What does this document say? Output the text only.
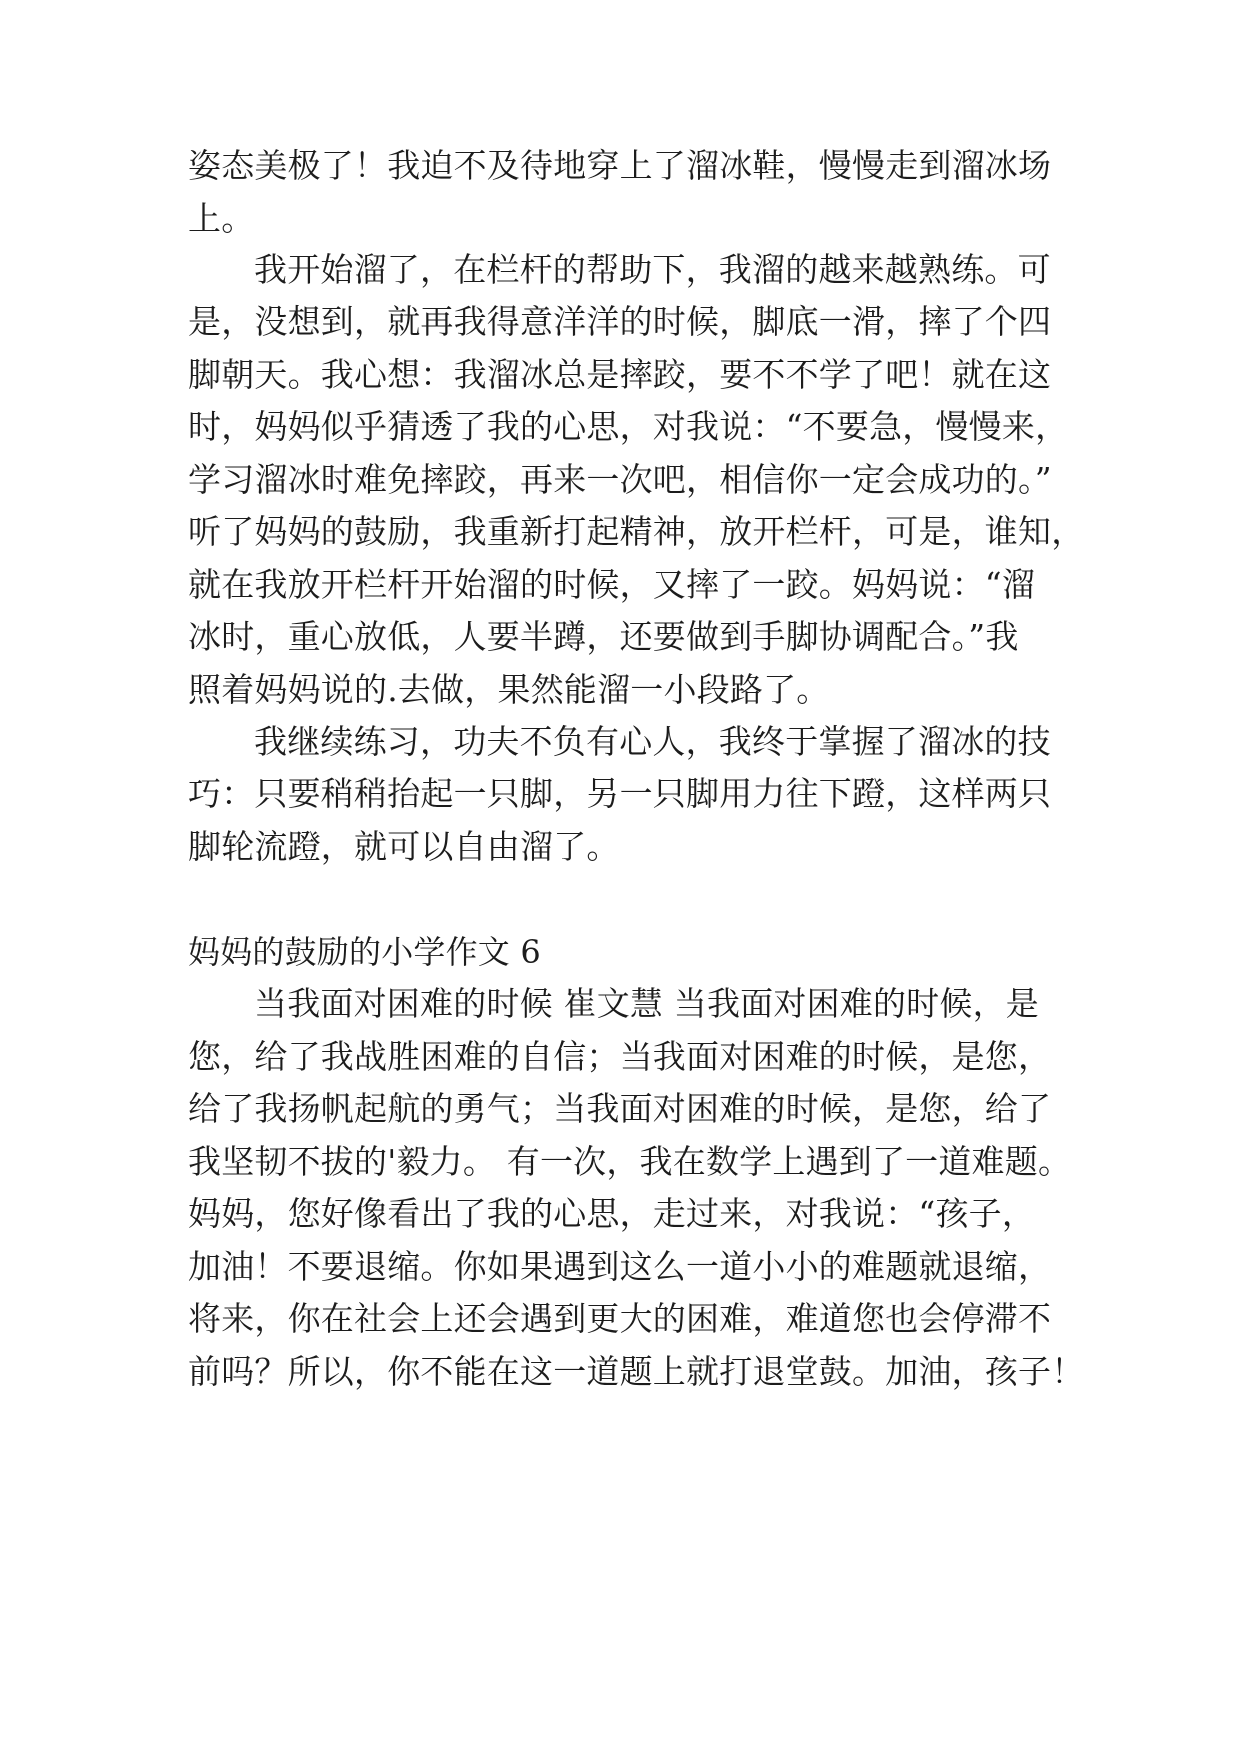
姿态美极了！我迫不及待地穿上了溜冰鞋，慢慢走到溜冰场
上。
我开始溜了，在栏杆的帮助下，我溜的越来越熟练。可
是，没想到，就再我得意洋洋的时候，脚底一滑，摔了个四
脚朝天。我心想：我溜冰总是摔跤，要不不学了吧！就在这
时，妈妈似乎猜透了我的心思，对我说：“不要急，慢慢来，
学习溜冰时难免摔跤，再来一次吧，相信你一定会成功的。”
听了妈妈的鼓励，我重新打起精神，放开栏杆，可是，谁知，
就在我放开栏杆开始溜的时候，又摔了一跤。妈妈说：“溜
冰时，重心放低，人要半蹲，还要做到手脚协调配合。”我
照着妈妈说的.去做，果然能溜一小段路了。
我继续练习，功夫不负有心人，我终于掌握了溜冰的技
巧：只要稍稍抬起一只脚，另一只脚用力往下蹬，这样两只
脚轮流蹬，就可以自由溜了。
妈妈的鼓励的小学作文 6
当我面对困难的时候 崔文慧 当我面对困难的时候，是
您，给了我战胜困难的自信；当我面对困难的时候，是您，
给了我扬帆起航的勇气；当我面对困难的时候，是您，给了
我坚韧不拔的'毅力。 有一次，我在数学上遇到了一道难题。
妈妈，您好像看出了我的心思，走过来，对我说：“孩子，
加油！不要退缩。你如果遇到这么一道小小的难题就退缩，
将来，你在社会上还会遇到更大的困难，难道您也会停滞不
前吗？所以，你不能在这一道题上就打退堂鼓。加油，孩子！
